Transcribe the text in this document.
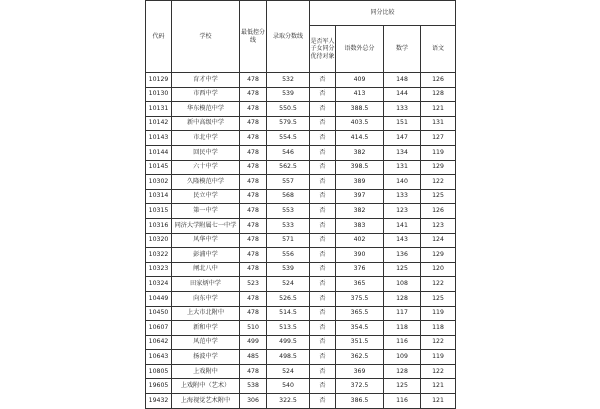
代码	学校	最低控分线	录取分数线	同分比较			
				是否军人子女同分优待对象	语数外总分	数学	语文
10129	育才中学	478	532	否	409	148	126
10130	市西中学	478	539	否	413	144	128
10131	华东模范中学	478	550.5	否	388.5	133	121
10142	新中高级中学	478	579.5	否	403.5	151	131
10143	市北中学	478	554.5	否	414.5	147	127
10144	回民中学	478	546	否	382	134	119
10145	六十中学	478	562.5	否	398.5	131	129
10302	久隆模范中学	478	557	否	389	140	122
10314	民立中学	478	568	否	397	133	125
10315	第一中学	478	553	否	382	123	126
10316	同济大学附属七一中学	478	533	否	383	141	123
10320	风华中学	478	571	否	402	143	124
10322	彭浦中学	478	556	否	390	136	129
10323	闸北八中	478	539	否	376	125	120
10324	田家炳中学	523	524	否	365	108	122
10449	向东中学	478	526.5	否	375.5	128	125
10450	上大市北附中	478	514.5	否	365.5	117	119
10607	新和中学	510	513.5	否	354.5	118	118
10642	风范中学	499	499.5	否	351.5	116	122
10643	扬波中学	485	498.5	否	362.5	109	119
10805	上戏附中	478	524	否	369	128	122
19605	上戏附中（艺术）	538	540	否	372.5	125	121
19432	上海视觉艺术附中	306	322.5	否	386.5	116	121
